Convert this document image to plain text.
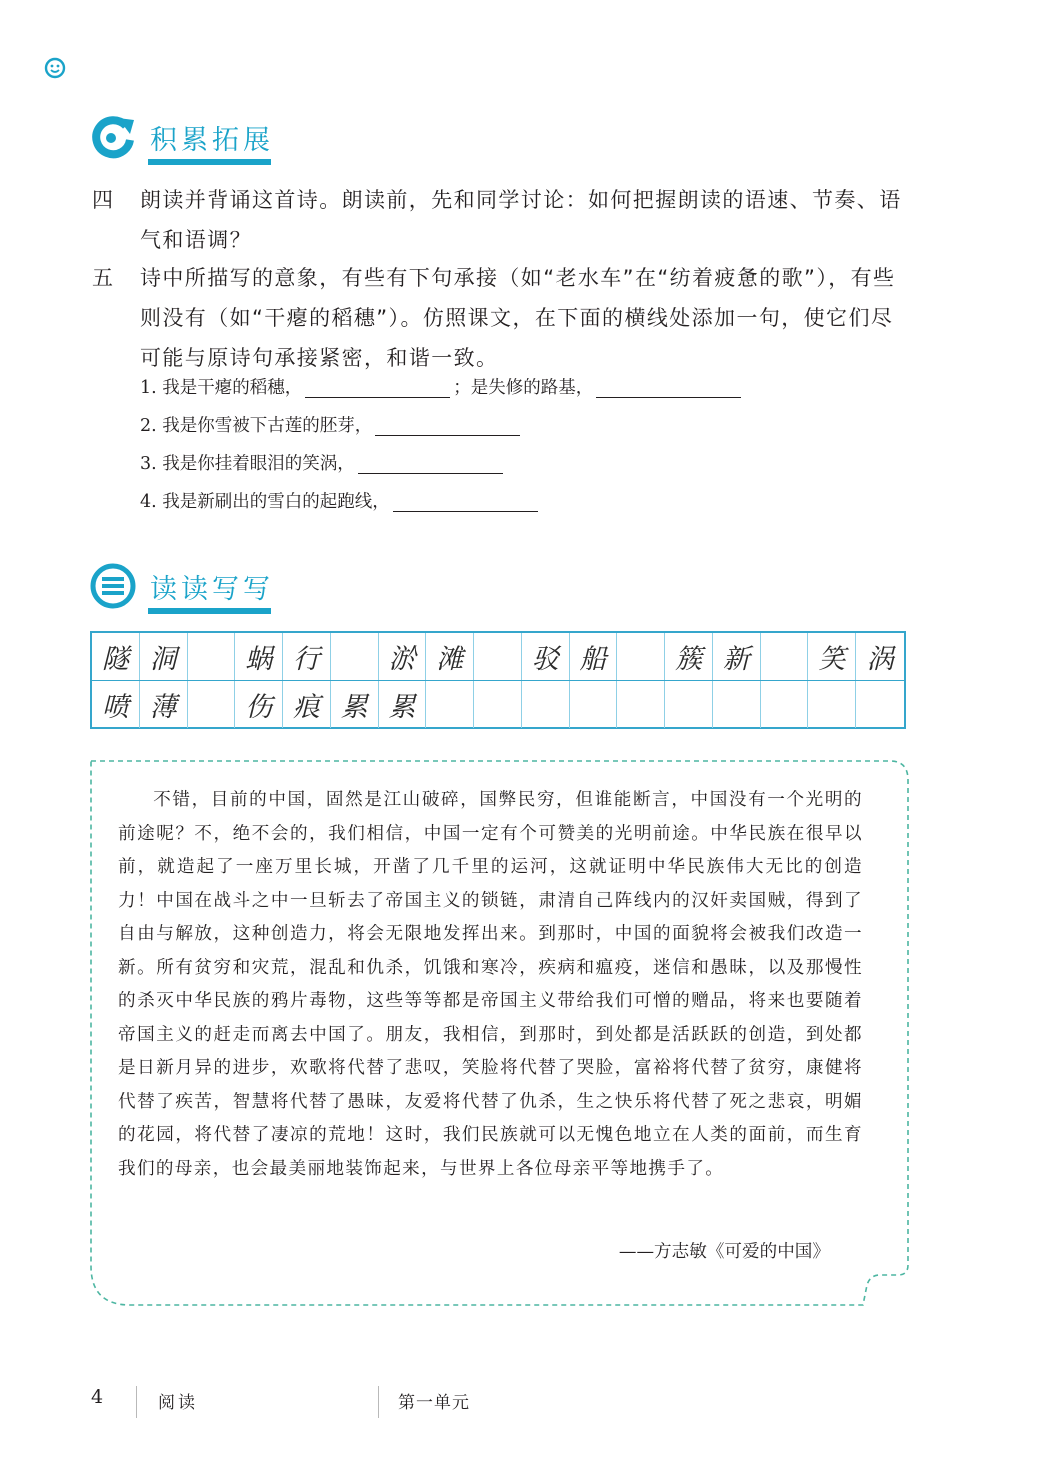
积累拓展
四	朗读并背诵这首诗。朗读前，先和同学讨论：如何把握朗读的语速、节奏、语气和语调？
五	诗中所描写的意象，有些有下句承接（如“老水车”在“纺着疲惫的歌”），有些则没有（如“干瘪的稻穗”）。仿照课文，在下面的横线处添加一句，使它们尽可能与原诗句承接紧密，和谐一致。
1. 我是干瘪的稻穗，	；是失修的路基，
2. 我是你雪被下古莲的胚芽，
3. 我是你挂着眼泪的笑涡，
4. 我是新刷出的雪白的起跑线，
读读写写
隧 洞	蜗 行	淤 滩	驳 船	簇 新	笑 涡
喷 薄	伤 痕 累 累
不错，目前的中国，固然是江山破碎，国弊民穷，但谁能断言，中国没有一个光明的前途呢？不，绝不会的，我们相信，中国一定有个可赞美的光明前途。中华民族在很早以前，就造起了一座万里长城，开凿了几千里的运河，这就证明中华民族伟大无比的创造力！中国在战斗之中一旦斩去了帝国主义的锁链，肃清自己阵线内的汉奸卖国贼，得到了自由与解放，这种创造力，将会无限地发挥出来。到那时，中国的面貌将会被我们改造一新。所有贫穷和灾荒，混乱和仇杀，饥饿和寒冷，疾病和瘟疫，迷信和愚昧，以及那慢性的杀灭中华民族的鸦片毒物，这些等等都是帝国主义带给我们可憎的赠品，将来也要随着帝国主义的赶走而离去中国了。朋友，我相信，到那时，到处都是活跃跃的创造，到处都是日新月异的进步，欢歌将代替了悲叹，笑脸将代替了哭脸，富裕将代替了贫穷，康健将代替了疾苦，智慧将代替了愚昧，友爱将代替了仇杀，生之快乐将代替了死之悲哀，明媚的花园，将代替了凄凉的荒地！这时，我们民族就可以无愧色地立在人类的面前，而生育我们的母亲，也会最美丽地装饰起来，与世界上各位母亲平等地携手了。
——方志敏《可爱的中国》
4	阅读	第一单元
